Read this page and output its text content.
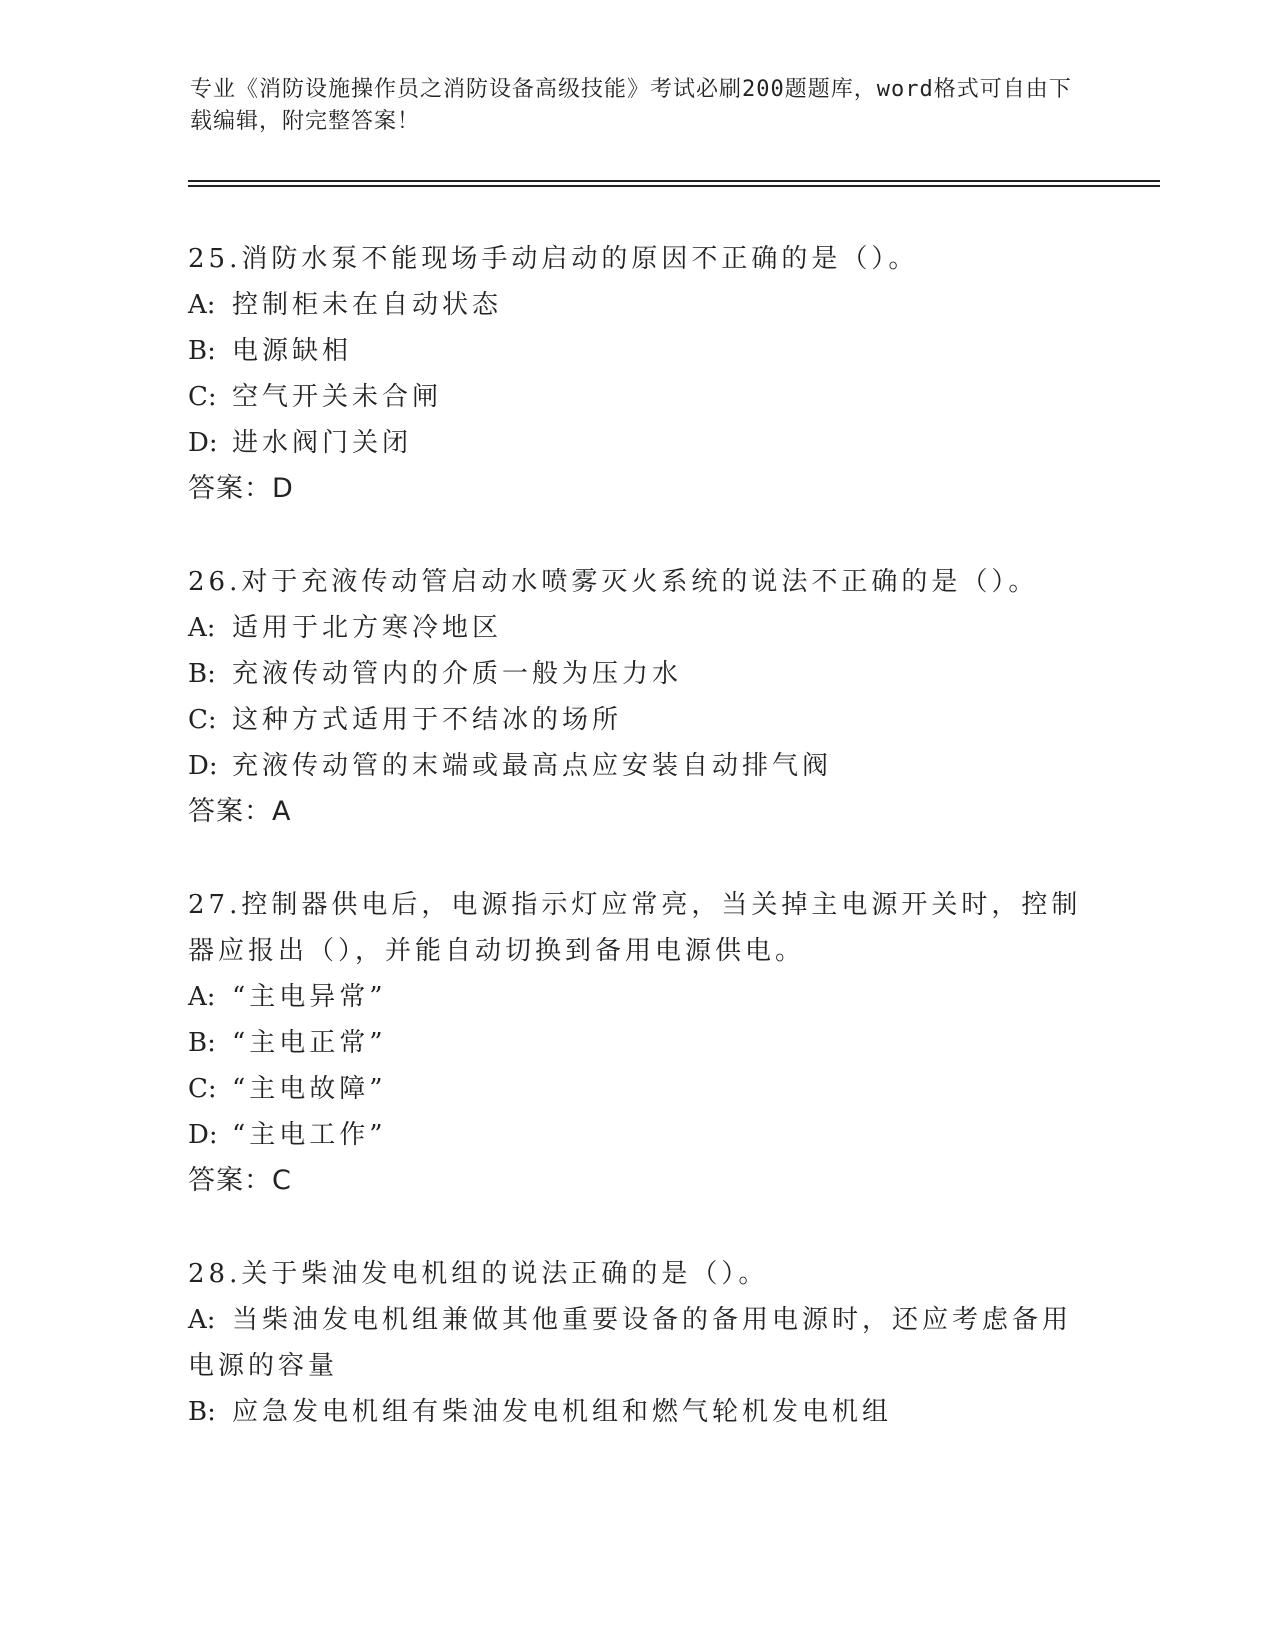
专业《消防设施操作员之消防设备高级技能》考试必刷200题题库，word格式可自由下载编辑，附完整答案！
25.消防水泵不能现场手动启动的原因不正确的是（）。
A: 控制柜未在自动状态
B: 电源缺相
C: 空气开关未合闸
D: 进水阀门关闭
答案：D
26.对于充液传动管启动水喷雾灭火系统的说法不正确的是（）。
A: 适用于北方寒冷地区
B: 充液传动管内的介质一般为压力水
C: 这种方式适用于不结冰的场所
D: 充液传动管的末端或最高点应安装自动排气阀
答案：A
27.控制器供电后，电源指示灯应常亮，当关掉主电源开关时，控制器应报出（），并能自动切换到备用电源供电。
A: “主电异常”
B: “主电正常”
C: “主电故障”
D: “主电工作”
答案：C
28.关于柴油发电机组的说法正确的是（）。
A: 当柴油发电机组兼做其他重要设备的备用电源时，还应考虑备用电源的容量
B: 应急发电机组有柴油发电机组和燃气轮机发电机组
